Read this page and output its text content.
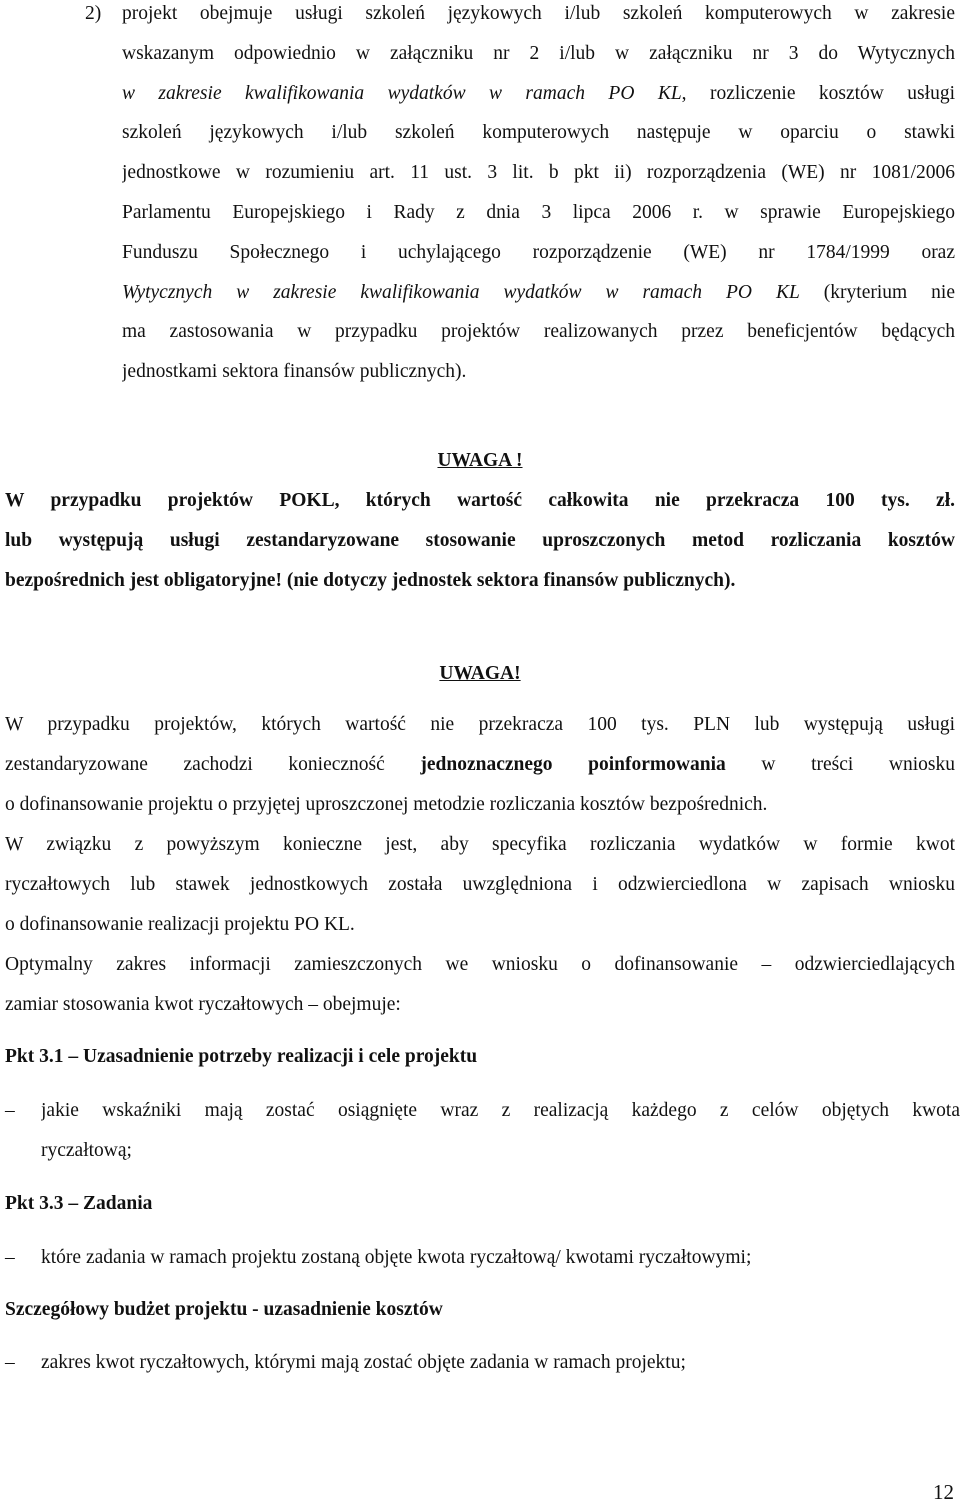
2)	projekt obejmuje usługi szkoleń językowych i/lub szkoleń komputerowych w zakresie
wskazanym odpowiednio w załączniku nr 2 i/lub w załączniku nr 3 do Wytycznych
w zakresie kwalifikowania wydatków w ramach PO KL, rozliczenie kosztów usługi
szkoleń językowych i/lub szkoleń komputerowych następuje w oparciu o stawki
jednostkowe w rozumieniu art. 11 ust. 3 lit. b pkt ii) rozporządzenia (WE) nr 1081/2006
Parlamentu Europejskiego i Rady z dnia 3 lipca 2006 r. w sprawie Europejskiego
Funduszu Społecznego i uchylającego rozporządzenie (WE) nr 1784/1999 oraz
Wytycznych w zakresie kwalifikowania wydatków w ramach PO KL (kryterium nie
ma zastosowania w przypadku projektów realizowanych przez beneficjentów będących
jednostkami sektora finansów publicznych).
UWAGA !
W przypadku projektów POKL, których wartość całkowita nie przekracza 100 tys. zł.
lub występują usługi zestandaryzowane stosowanie uproszczonych metod rozliczania kosztów
bezpośrednich jest obligatoryjne! (nie dotyczy jednostek sektora finansów publicznych).
UWAGA!
W przypadku projektów, których wartość nie przekracza 100 tys. PLN lub występują usługi
zestandaryzowane zachodzi konieczność jednoznacznego poinformowania w treści wniosku
o dofinansowanie projektu o przyjętej uproszczonej metodzie rozliczania kosztów bezpośrednich.
W związku z powyższym konieczne jest, aby specyfika rozliczania wydatków w formie kwot
ryczałtowych lub stawek jednostkowych została uwzględniona i odzwierciedlona w zapisach wniosku
o dofinansowanie realizacji projektu PO KL.
Optymalny zakres informacji zamieszczonych we wniosku o dofinansowanie – odzwierciedlających
zamiar stosowania kwot ryczałtowych – obejmuje:
Pkt 3.1 – Uzasadnienie potrzeby realizacji i cele projektu
–	jakie wskaźniki mają zostać osiągnięte wraz z realizacją każdego z celów objętych kwota
ryczałtową;
Pkt 3.3 – Zadania
–	które zadania w ramach projektu zostaną objęte kwota ryczałtową/ kwotami ryczałtowymi;
Szczegółowy budżet projektu - uzasadnienie kosztów
–	zakres kwot ryczałtowych, którymi mają zostać objęte zadania w ramach projektu;
12
